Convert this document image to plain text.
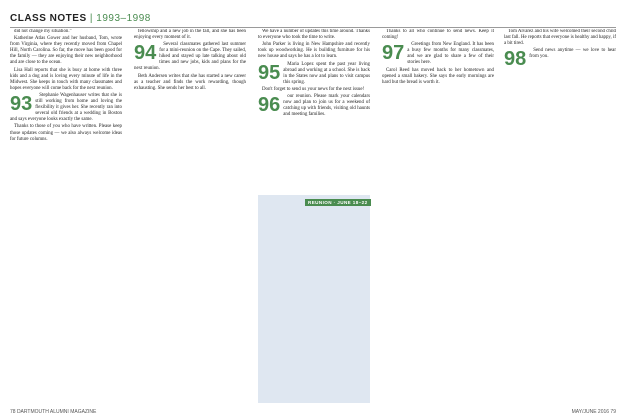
CLASS NOTES | 1993–1998

did not change my situation.”

Katherine Atlas Gower and her husband, Tom, wrote from Virginia, where they recently moved from Chapel Hill, North Carolina. So far, the move has been good for the family — they are enjoying their new neighborhood and are close to the ocean.

Lisa Hall reports that she is busy at home with three kids and a dog and is loving every minute of life in the Midwest. She keeps in touch with many classmates and hopes everyone will come back for the next reunion.

93	Stephanie Wagenhauser writes that she is still working from home and loving the flexibility it gives her. She recently ran into several old friends at a wedding in Boston and says everyone looks exactly the same.

Thanks to those of you who have written. Please keep those updates coming — we also always welcome ideas for future columns.

fellowship and a new job in the fall, and she has been enjoying every moment of it.

94	Several classmates gathered last summer for a mini-reunion on the Cape. They sailed, hiked and stayed up late talking about old times and new jobs, kids and plans for the next reunion.

Beth Andersen writes that she has started a new career as a teacher and finds the work rewarding, though exhausting. She sends her best to all.

REUNION · JUNE 18–22

We have a number of updates this time around. Thanks to everyone who took the time to write.

John Parker is living in New Hampshire and recently took up woodworking. He is building furniture for his new house and says he has a lot to learn.

95	Maria Lopez spent the past year living abroad and working at a school. She is back in the States now and plans to visit campus this spring.

Don't forget to send us your news for the next issue!

96	our reunion. Please mark your calendars now and plan to join us for a weekend of catching up with friends, visiting old haunts and meeting families.

Thanks to all who continue to send news. Keep it coming!

97	Greetings from New England. It has been a busy few months for many classmates, and we are glad to share a few of their stories here.

Carol Reed has moved back to her hometown and opened a small bakery. She says the early mornings are hard but the bread is worth it.

Tom Alvarez and his wife welcomed their second child last fall. He reports that everyone is healthy and happy, if a bit tired.

98	Send news anytime — we love to hear from you.

78 DARTMOUTH ALUMNI MAGAZINE	MAY/JUNE 2016 79
